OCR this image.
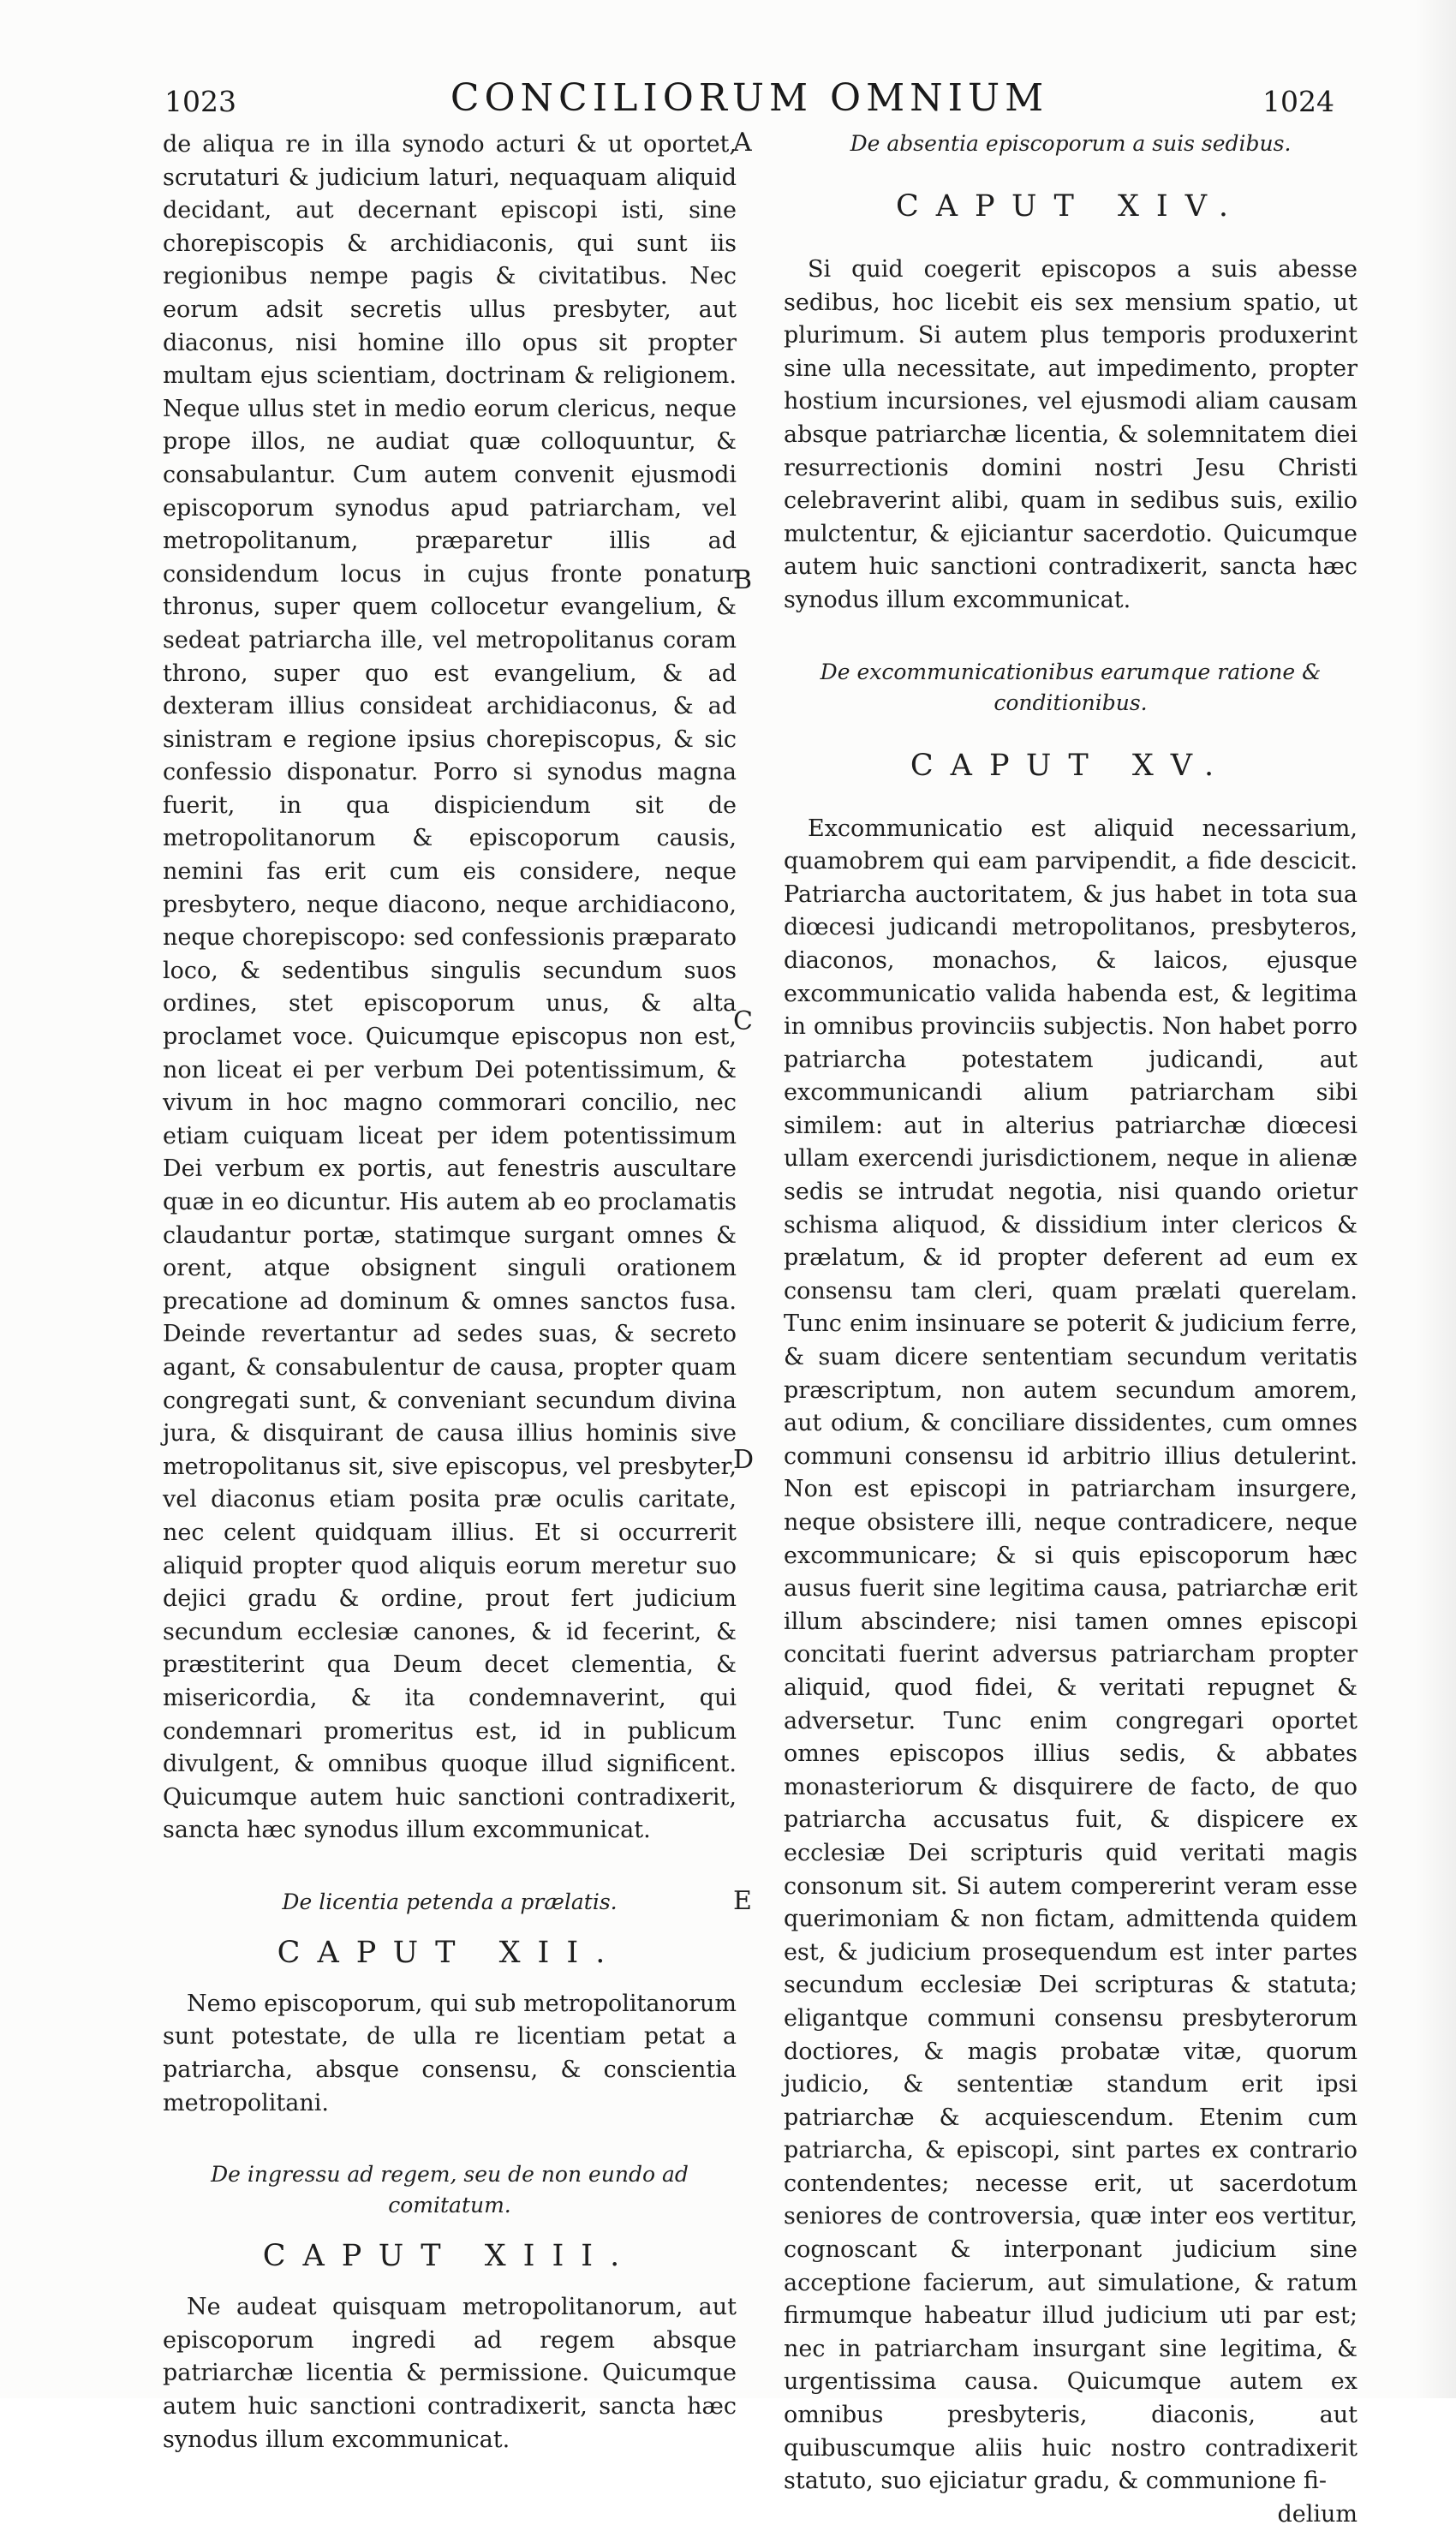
1023	CONCILIORUM OMNIUM	1024
A
B
C
D
E

de aliqua re in illa synodo acturi & ut oportet, scrutaturi & judicium laturi, nequaquam aliquid decidant, aut decernant episcopi isti, sine chorepiscopis & archidiaconis, qui sunt iis regionibus nempe pagis & civitatibus. Nec eorum adsit secretis ullus presbyter, aut diaconus, nisi homine illo opus sit propter multam ejus scientiam, doctrinam & religionem. Neque ullus stet in medio eorum clericus, neque prope illos, ne audiat quæ colloquuntur, & consabulantur. Cum autem convenit ejusmodi episcoporum synodus apud patriarcham, vel metropolitanum, præparetur illis ad considendum locus in cujus fronte ponatur thronus, super quem collocetur evangelium, & sedeat patriarcha ille, vel metropolitanus coram throno, super quo est evangelium, & ad dexteram illius considеat archidiaconus, & ad sinistram e regione ipsius chorepiscopus, & sic confessio disponatur. Porro si synodus magna fuerit, in qua dispiciendum sit de metropolitanorum & episcoporum causis, nemini fas erit cum eis considere, neque presbytero, neque diacono, neque archidiacono, neque chorepiscopo: sed confessionis præparato loco, & sedentibus singulis secundum suos ordines, stet episcoporum unus, & alta proclamet voce. Quicumque episcopus non est, non liceat ei per verbum Dei potentissimum, & vivum in hoc magno commorari concilio, nec etiam cuiquam liceat per idem potentissimum Dei verbum ex portis, aut fenestris auscultare quæ in eo dicuntur. His autem ab eo proclamatis claudantur portæ, statimque surgant omnes & orent, atque obsignent singuli orationem precatione ad dominum & omnes sanctos fusa. Deinde revertantur ad sedes suas, & secreto agant, & consabulentur de causa, propter quam congregati sunt, & conveniant secundum divina jura, & disquirant de causa illius hominis sive metropolitanus sit, sive episcopus, vel presbyter, vel diaconus etiam posita præ oculis caritate, nec celent quidquam illius. Et si occurrerit aliquid propter quod aliquis eorum meretur suo dejici gradu & ordine, prout fert judicium secundum ecclesiæ canones, & id fecerint, & præstiterint qua Deum decet clementia, & misericordia, & ita condemnaverint, qui condemnari promeritus est, id in publicum divulgent, & omnibus quoque illud significent. Quicumque autem huic sanctioni contradixerit, sancta hæc synodus illum excommunicat.

De licentia petenda a prælatis.

CAPUT XII.

Nemo episcoporum, qui sub metropolitanorum sunt potestate, de ulla re licentiam petat a patriarcha, absque consensu, & conscientia metropolitani.

De ingressu ad regem, seu de non eundo ad comitatum.

CAPUT XIII.

Ne audeat quisquam metropolitanorum, aut episcoporum ingredi ad regem absque patriarchæ licentia & permissione. Quicumque autem huic sanctioni contradixerit, sancta hæc synodus illum excommunicat.

De absentia episcoporum a suis sedibus.

CAPUT XIV.

Si quid coegerit episcopos a suis abesse sedibus, hoc licebit eis sex mensium spatio, ut plurimum. Si autem plus temporis produxerint sine ulla necessitate, aut impedimento, propter hostium incursiones, vel ejusmodi aliam causam absque patriarchæ licentia, & solemnitatem diei resurrectionis domini nostri Jesu Christi celebraverint alibi, quam in sedibus suis, exilio mulctentur, & ejiciantur sacerdotio. Quicumque autem huic sanctioni contradixerit, sancta hæc synodus illum excommunicat.

De excommunicationibus earumque ratione & conditionibus.

CAPUT XV.

Excommunicatio est aliquid necessarium, quamobrem qui eam parvipendit, a fide descicit. Patriarcha auctoritatem, & jus habet in tota sua diœcesi judicandi metropolitanos, presbyteros, diaconos, monachos, & laicos, ejusque excommunicatio valida habenda est, & legitima in omnibus provinciis subjectis. Non habet porro patriarcha potestatem judicandi, aut excommunicandi alium patriarcham sibi similem: aut in alterius patriarchæ diœcesi ullam exercendi jurisdictionem, neque in alienæ sedis se intrudat negotia, nisi quando orietur schisma aliquod, & dissidium inter clericos & prælatum, & id propter deferent ad eum ex consensu tam cleri, quam prælati querelam. Tunc enim insinuare se poterit & judicium ferre, & suam dicere sententiam secundum veritatis præscriptum, non autem secundum amorem, aut odium, & conciliare dissidentes, cum omnes communi consensu id arbitrio illius detulerint. Non est episcopi in patriarcham insurgere, neque obsistere illi, neque contradicere, neque excommunicare; & si quis episcoporum hæc ausus fuerit sine legitima causa, patriarchæ erit illum abscindere; nisi tamen omnes episcopi concitati fuerint adversus patriarcham propter aliquid, quod fidei, & veritati repugnet & adversetur. Tunc enim congregari oportet omnes episcopos illius sedis, & abbates monasteriorum & disquirere de facto, de quo patriarcha accusatus fuit, & dispicere ex ecclesiæ Dei scripturis quid veritati magis consonum sit. Si autem compererint veram esse querimoniam & non fictam, admittenda quidem est, & judicium prosequendum est inter partes secundum ecclesiæ Dei scripturas & statuta; eligantque communi consensu presbyterorum doctiores, & magis probatæ vitæ, quorum judicio, & sententiæ standum erit ipsi patriarchæ & acquiescendum. Etenim cum patriarcha, & episcopi, sint partes ex contrario contendentes; necesse erit, ut sacerdotum seniores de controversia, quæ inter eos vertitur, cognoscant & interponant judicium sine acceptione facierum, aut simulatione, & ratum firmumque habeatur illud judicium uti par est; nec in patriarcham insurgant sine legitima, & urgentissima causa. Quicumque autem ex omnibus presbyteris, diaconis, aut quibuscumque aliis huic nostro contradixerit statuto, suo ejiciatur gradu, & communione fi-

delium
